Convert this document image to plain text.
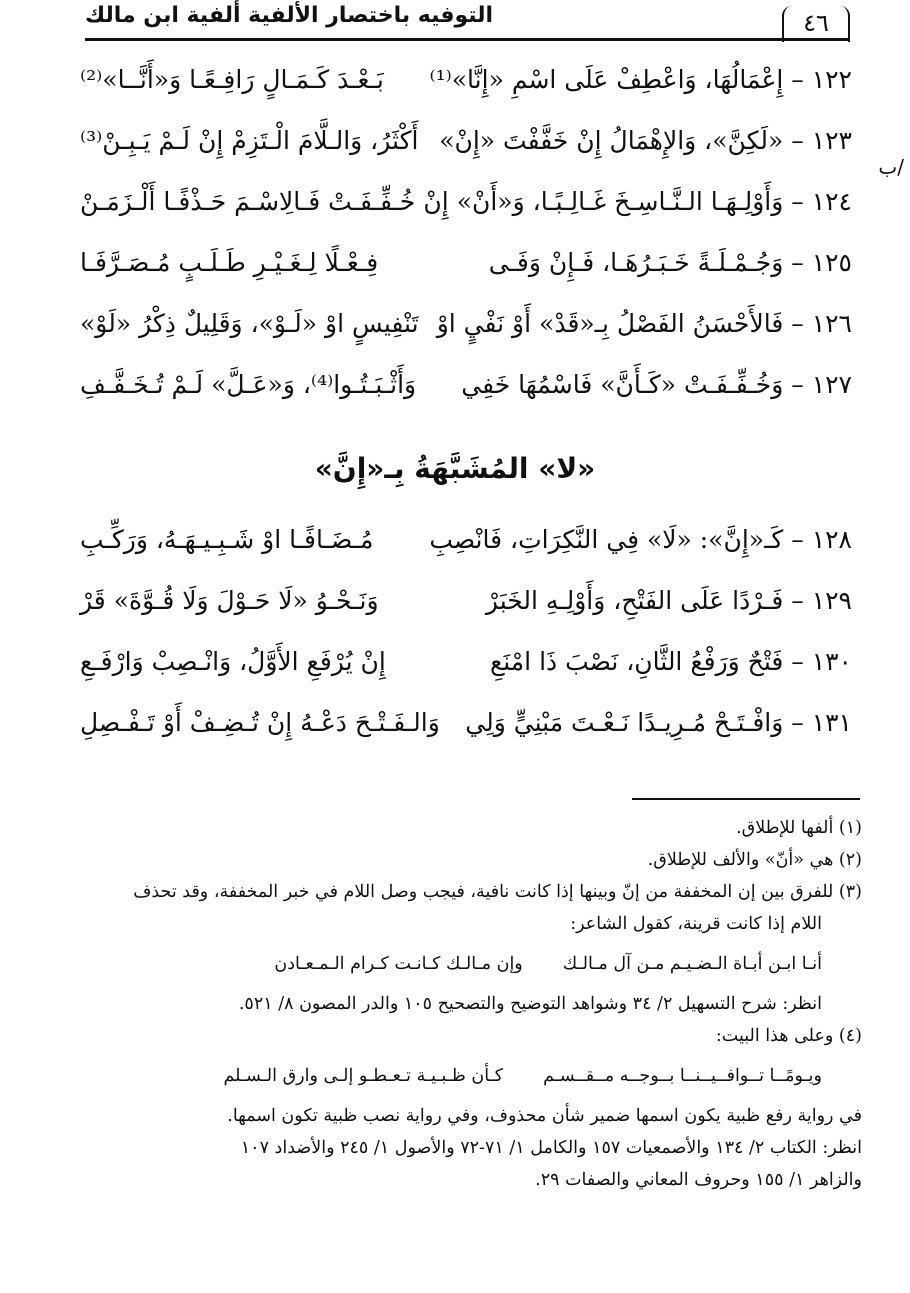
التوفيه باختصار الألفية ألفية ابن مالك	٤٦
ب/
١٢٢ – إِعْمَالُهَا، وَاعْطِفْ عَلَى اسْمِ «إِنَّا»⁽¹⁾
بَـعْـدَ كَـمَـالٍ رَافِـعًـا وَ«أَنَّــا»⁽²⁾
١٢٣ – «لَكِنَّ»، وَالإِهْمَالُ إِنْ خَفَّفْتَ «إِنْ»
أَكْثَرُ، وَالـلَّامَ الْـتَزِمْ إِنْ لَـمْ يَـبِـنْ⁽³⁾
١٢٤ – وَأَوْلِـهَـا الـنَّـاسِـخَ غَـالِـبًـا، وَ«أَنْ»
إِنْ خُـفِّـفَـتْ فَـالِاسْـمَ حَـذْفًـا أَلْـزَمَـنْ
١٢٥ – وَجُـمْـلَـةً خَـبَـرُهَـا، فَـإِنْ وَفَـى
فِـعْـلًا لِـغَـيْـرِ طَـلَـبٍ مُـصَـرَّفَـا
١٢٦ – فَالأَحْسَنُ الفَصْلُ بِـ«قَدْ» أَوْ نَفْيٍ اوْ
تَنْفِيسٍ اوْ «لَـوْ»، وَقَلِيلٌ ذِكْرُ «لَوْ»
١٢٧ – وَخُـفِّـفَـتْ «كَـأَنَّ» فَاسْمُهَا خَفِي
وَأَثْـبَـتُـوا⁽⁴⁾، وَ«عَـلَّ» لَـمْ تُـخَـفَّـفِ
«لا» المُشَبَّهَةُ بِـ«إِنَّ»
١٢٨ – كَـ«إِنَّ»: «لَا» فِي النَّكِرَاتِ، فَانْصِبِ
مُـضَـافًـا اوْ شَـبِـيـهَـهُ، وَرَكِّـبِ
١٢٩ – فَـرْدًا عَلَى الفَتْحِ، وَأَوْلِـهِ الخَبَرْ
وَنَـحْـوُ «لَا حَـوْلَ وَلَا قُـوَّةَ» قَرْ
١٣٠ – فَتْحٌ وَرَفْعُ الثَّانِ، نَصْبَ ذَا امْنَعِ
إِنْ يُرْفَعِ الأَوَّلُ، وَانْـصِبْ وَارْفَـعِ
١٣١ – وَافْـتَـحْ مُـرِيـدًا نَـعْـتَ مَبْنِيٍّ وَلِي
وَالـفَـتْـحَ دَعْـهُ إِنْ تُـضِـفْ أَوْ تَـفْـصِلِ

(١) ألفها للإطلاق.

(٢) هي «أنّ» والألف للإطلاق.

(٣) للفرق بين إن المخففة من إنّ وبينها إذا كانت نافية، فيجب وصل اللام في خبر المخففة، وقد تحذف

اللام إذا كانت قرينة، كقول الشاعر:

أنـا ابـن أبـاة الـضـيـم مـن آل مـالـك
وإن مـالـك كـانـت كـرام الـمـعـادن

انظر: شرح التسهيل ٢/ ٣٤ وشواهد التوضيح والتصحيح ١٠٥ والدر المصون ٨/ ٥٢١.

(٤) وعلى هذا البيت:

ويـومًــا تــوافــيــنــا بــوجــه مــقــسـم
كـأن ظـبـيـة تـعـطـو إلـى وارق الـسـلم

في رواية رفع ظبية يكون اسمها ضمير شأن محذوف، وفي رواية نصب ظبية تكون اسمها.

انظر: الكتاب ٢/ ١٣٤ والأصمعيات ١٥٧ والكامل ١/ ٧١-٧٢ والأصول ١/ ٢٤٥ والأضداد ١٠٧

والزاهر ١/ ١٥٥ وحروف المعاني والصفات ٢٩.
